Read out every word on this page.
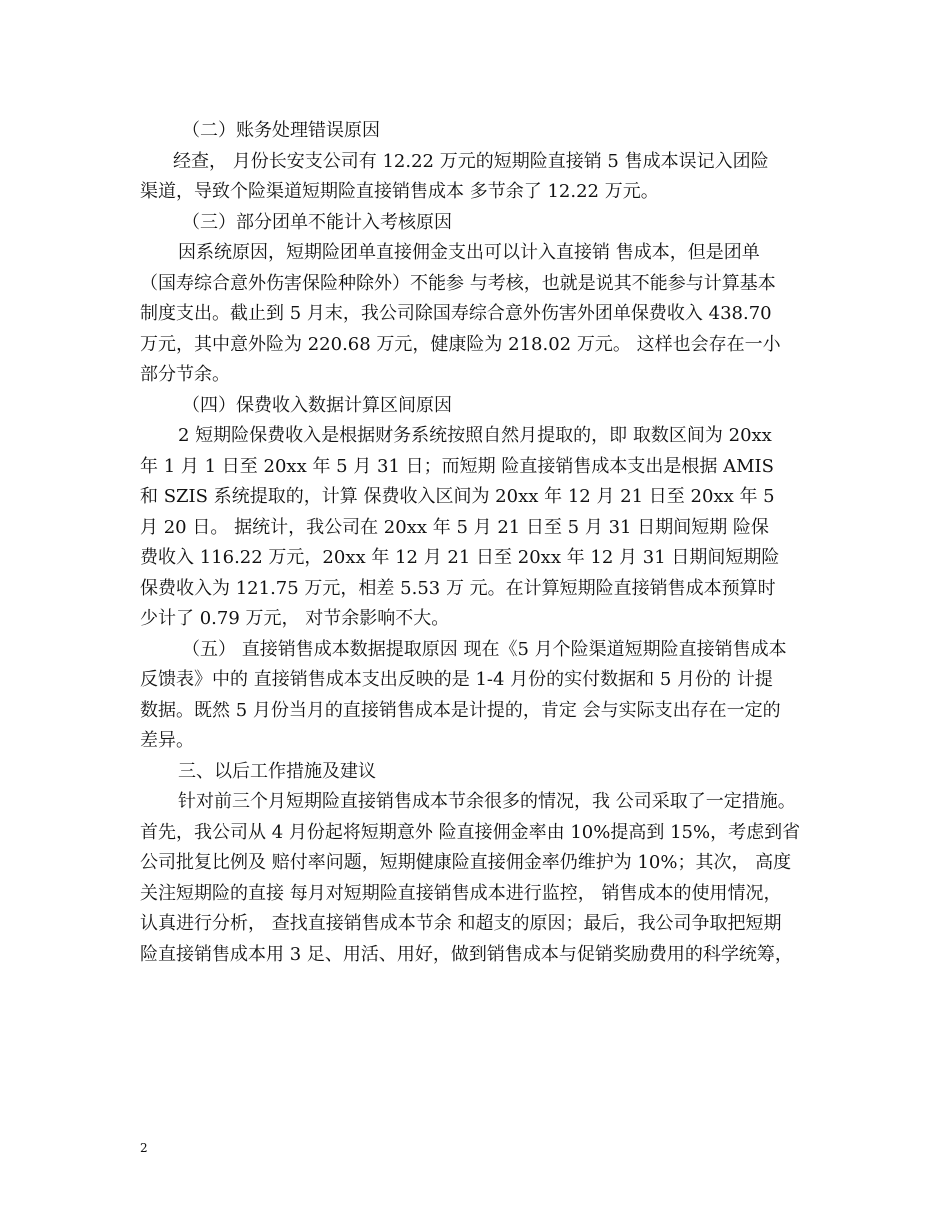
（二）账务处理错误原因
经查， 月份长安支公司有 12.22 万元的短期险直接销 5 售成本误记入团险
渠道，导致个险渠道短期险直接销售成本 多节余了 12.22 万元。
（三）部分团单不能计入考核原因
因系统原因，短期险团单直接佣金支出可以计入直接销 售成本，但是团单
（国寿综合意外伤害保险种除外）不能参 与考核，也就是说其不能参与计算基本
制度支出。截止到 5 月末，我公司除国寿综合意外伤害外团单保费收入 438.70
万元，其中意外险为 220.68 万元，健康险为 218.02 万元。 这样也会存在一小
部分节余。
（四）保费收入数据计算区间原因
2 短期险保费收入是根据财务系统按照自然月提取的，即 取数区间为 20xx
年 1 月 1 日至 20xx 年 5 月 31 日；而短期 险直接销售成本支出是根据 AMIS
和 SZIS 系统提取的，计算 保费收入区间为 20xx 年 12 月 21 日至 20xx 年 5
月 20 日。 据统计，我公司在 20xx 年 5 月 21 日至 5 月 31 日期间短期 险保
费收入 116.22 万元，20xx 年 12 月 21 日至 20xx 年 12 月 31 日期间短期险
保费收入为 121.75 万元，相差 5.53 万 元。在计算短期险直接销售成本预算时
少计了 0.79 万元， 对节余影响不大。
（五） 直接销售成本数据提取原因 现在《5 月个险渠道短期险直接销售成本
反馈表》中的 直接销售成本支出反映的是 1-4 月份的实付数据和 5 月份的 计提
数据。既然 5 月份当月的直接销售成本是计提的，肯定 会与实际支出存在一定的
差异。
三、以后工作措施及建议
针对前三个月短期险直接销售成本节余很多的情况，我 公司采取了一定措施。
首先，我公司从 4 月份起将短期意外 险直接佣金率由 10%提高到 15%，考虑到省
公司批复比例及 赔付率问题，短期健康险直接佣金率仍维护为 10%；其次， 高度
关注短期险的直接 每月对短期险直接销售成本进行监控， 销售成本的使用情况，
认真进行分析， 查找直接销售成本节余 和超支的原因；最后，我公司争取把短期
险直接销售成本用 3 足、用活、用好，做到销售成本与促销奖励费用的科学统筹，
2
